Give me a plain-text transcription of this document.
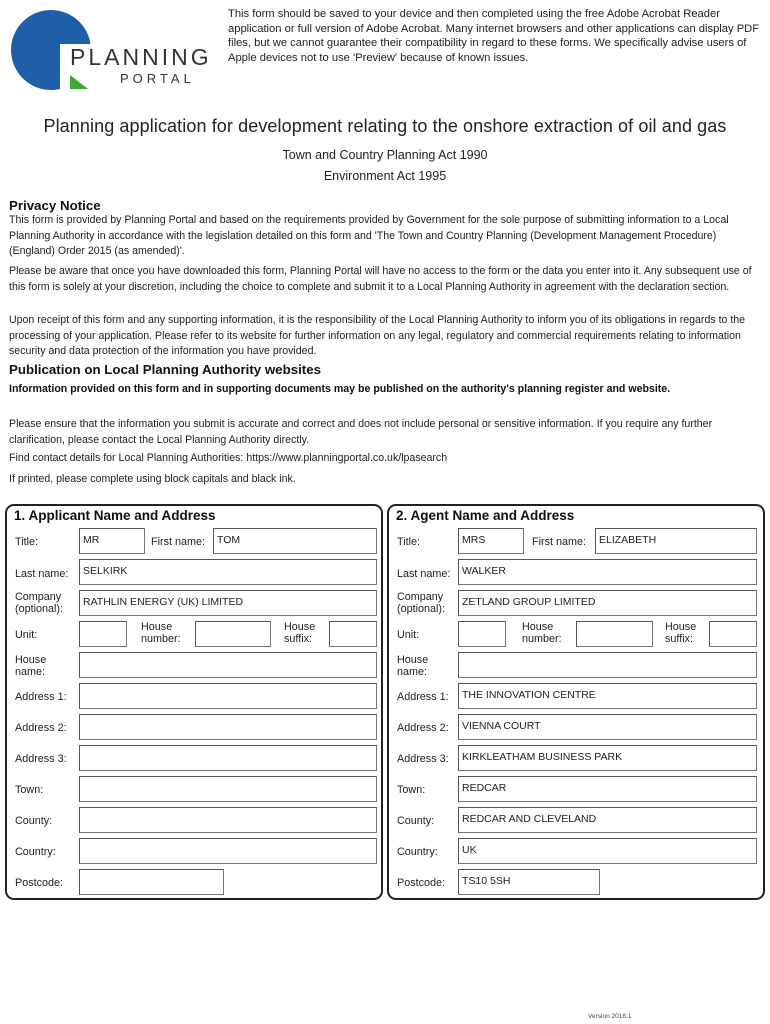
PLANNING
PORTAL
This form should be saved to your device and then completed using the free Adobe Acrobat Reader application or full version of Adobe Acrobat. Many internet browsers and other applications can display PDF files, but we cannot guarantee their compatibility in regard to these forms. We specifically advise users of Apple devices not to use 'Preview' because of known issues.
Planning application for development relating to the onshore extraction of oil and gas
Town and Country Planning Act 1990
Environment Act 1995
Privacy Notice
This form is provided by Planning Portal and based on the requirements provided by Government for the sole purpose of submitting information to a Local Planning Authority in accordance with the legislation detailed on this form and 'The Town and Country Planning (Development Management Procedure) (England) Order 2015 (as amended)'.
Please be aware that once you have downloaded this form, Planning Portal will have no access to the form or the data you enter into it. Any subsequent use of this form is solely at your discretion, including the choice to complete and submit it to a Local Planning Authority in agreement with the declaration section.
Upon receipt of this form and any supporting information, it is the responsibility of the Local Planning Authority to inform you of its obligations in regards to the processing of your application. Please refer to its website for further information on any legal, regulatory and commercial requirements relating to information security and data protection of the information you have provided.
Publication on Local Planning Authority websites
Information provided on this form and in supporting documents may be published on the authority's planning register and website.
Please ensure that the information you submit is accurate and correct and does not include personal or sensitive information. If you require any further clarification, please contact the Local Planning Authority directly.
Find contact details for Local Planning Authorities: https://www.planningportal.co.uk/lpasearch
If printed, please complete using block capitals and black ink.
1. Applicant Name and Address
Title:	MR	First name:	TOM
Last name:	SELKIRK
Company
(optional):
RATHLIN ENERGY (UK) LIMITED
Unit:
House
number:
House
suffix:
House
name:
Address 1:
Address 2:
Address 3:
Town:
County:
Country:
Postcode:
2. Agent Name and Address
Title:	MRS	First name:	ELIZABETH
Last name:	WALKER
Company
(optional):
ZETLAND GROUP LIMITED
Unit:
House
number:
House
suffix:
House
name:
Address 1:	THE INNOVATION CENTRE
Address 2:	VIENNA COURT
Address 3:	KIRKLEATHAM BUSINESS PARK
Town:	REDCAR
County:	REDCAR AND CLEVELAND
Country:	UK
Postcode:	TS10 5SH
Version 2018.1
